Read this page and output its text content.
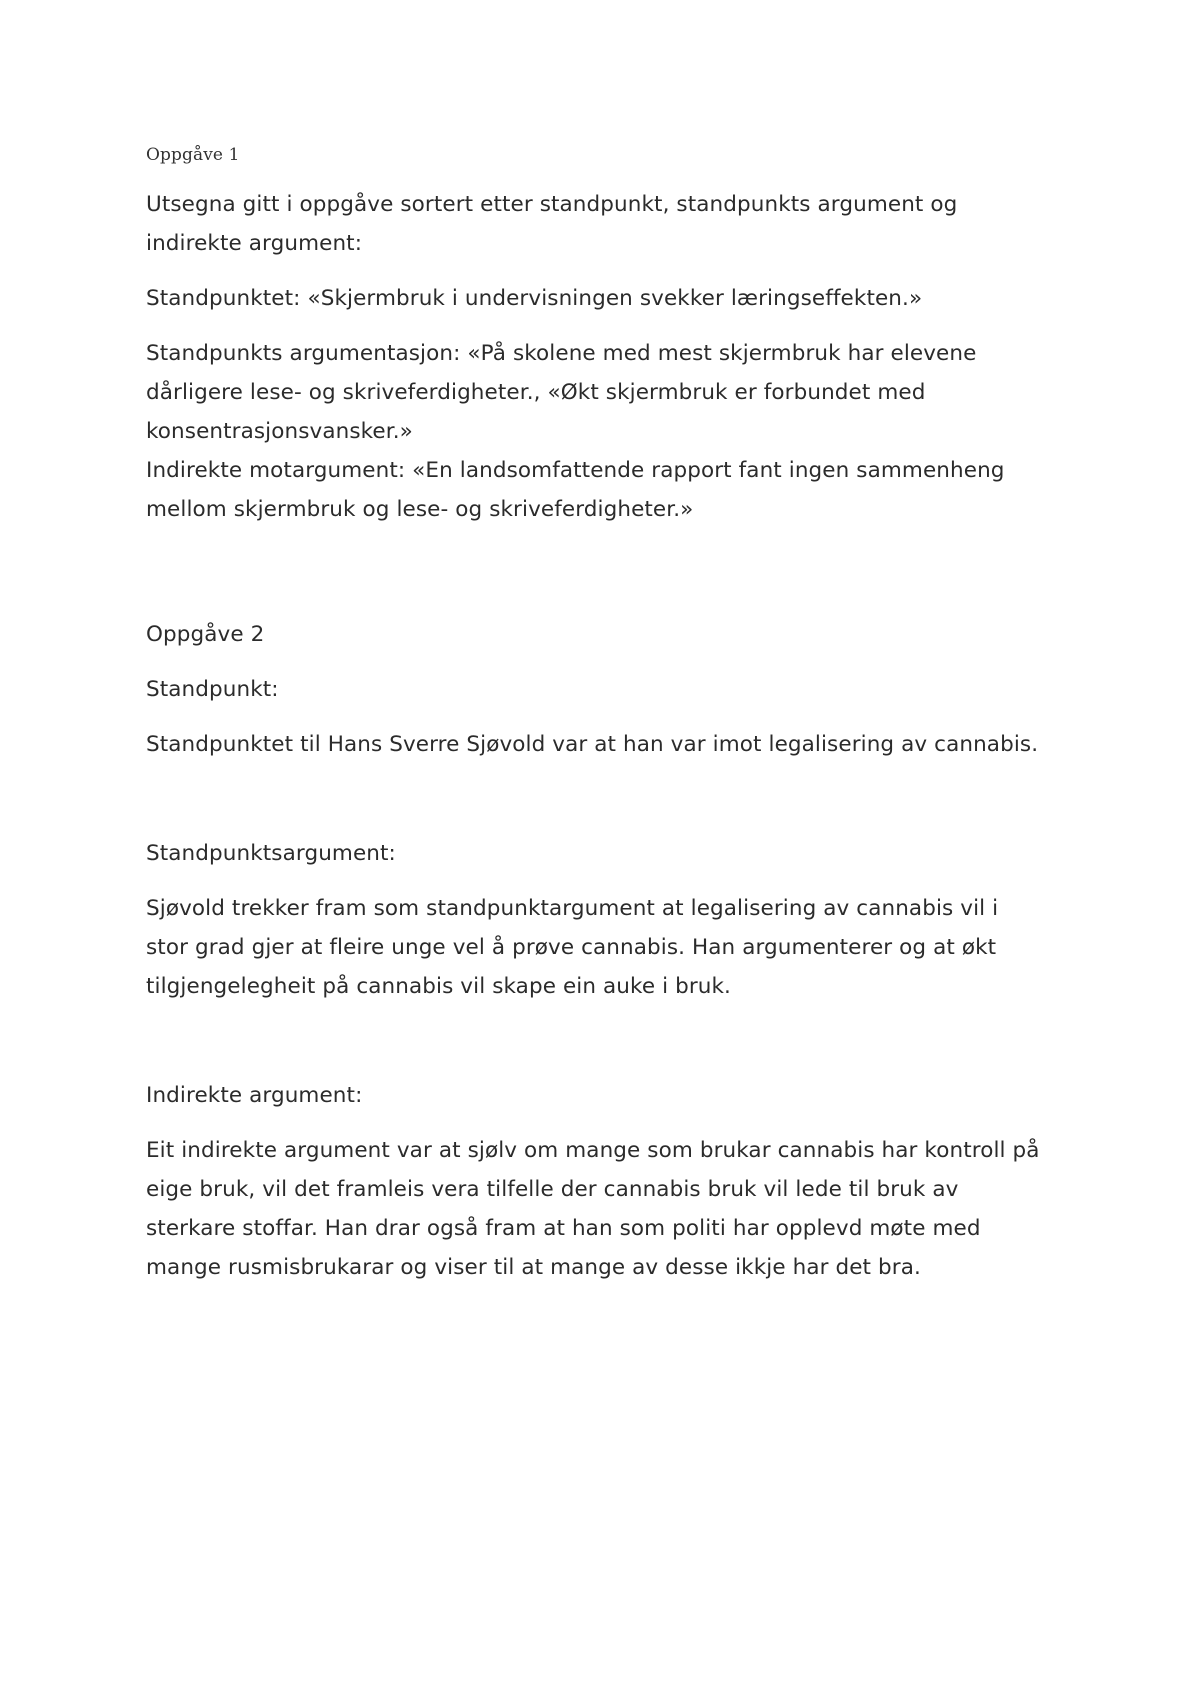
Oppgåve 1

Utsegna gitt i oppgåve sortert etter standpunkt, standpunkts argument og indirekte argument:

Standpunktet: «Skjermbruk i undervisningen svekker læringseffekten.»

Standpunkts argumentasjon: «På skolene med mest skjermbruk har elevene dårligere lese- og skriveferdigheter., «Økt skjermbruk er forbundet med konsentrasjonsvansker.»

Indirekte motargument: «En landsomfattende rapport fant ingen sammenheng mellom skjermbruk og lese- og skriveferdigheter.»

Oppgåve 2

Standpunkt:

Standpunktet til Hans Sverre Sjøvold var at han var imot legalisering av cannabis.

Standpunktsargument:

Sjøvold trekker fram som standpunktargument at legalisering av cannabis vil i stor grad gjer at fleire unge vel å prøve cannabis. Han argumenterer og at økt tilgjengelegheit på cannabis vil skape ein auke i bruk.

Indirekte argument:

Eit indirekte argument var at sjølv om mange som brukar cannabis har kontroll på eige bruk, vil det framleis vera tilfelle der cannabis bruk vil lede til bruk av sterkare stoffar. Han drar også fram at han som politi har opplevd møte med mange rusmisbrukarar og viser til at mange av desse ikkje har det bra.
